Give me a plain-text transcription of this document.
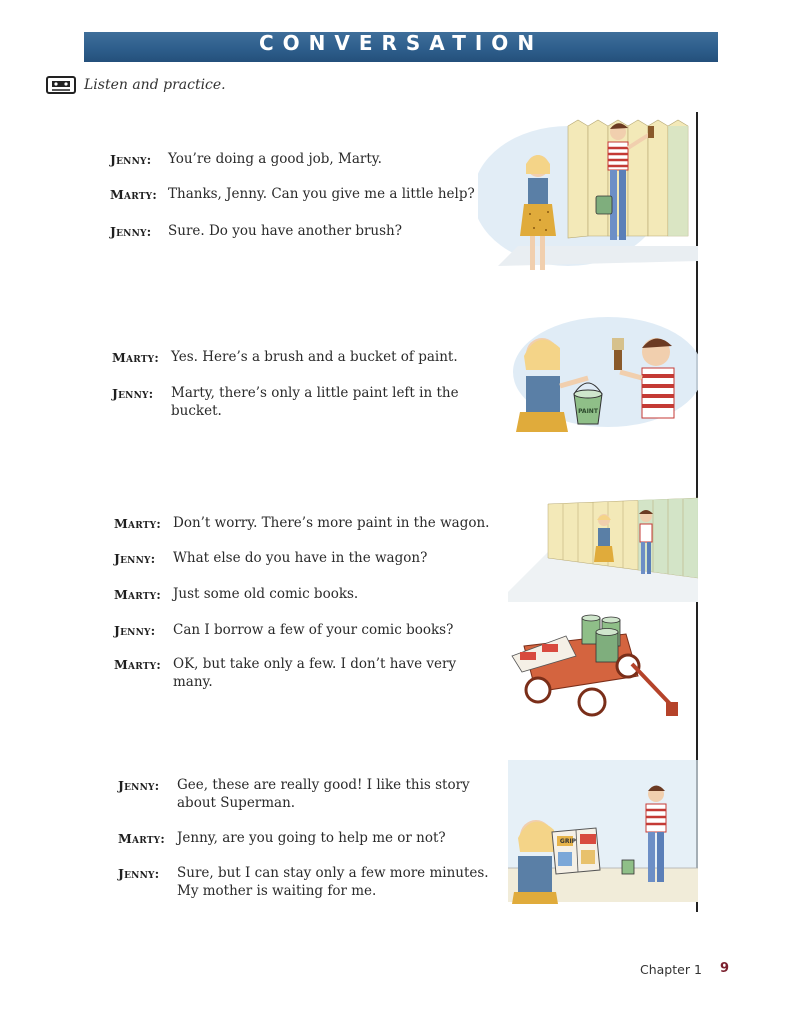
CONVERSATION
Listen and practice.
Jenny: You’re doing a good job, Marty.
Marty: Thanks, Jenny. Can you give me a little help?
Jenny: Sure. Do you have another brush?
Marty: Yes. Here’s a brush and a bucket of paint.
Jenny: Marty, there’s only a little paint left in the
bucket.
Marty: Don’t worry. There’s more paint in the wagon.
Jenny: What else do you have in the wagon?
Marty: Just some old comic books.
Jenny: Can I borrow a few of your comic books?
Marty: OK, but take only a few. I don’t have very
many.
Jenny: Gee, these are really good! I like this story
about Superman.
Marty: Jenny, are you going to help me or not?
Jenny: Sure, but I can stay only a few more minutes.
My mother is waiting for me.
PAINT
GRIP
Chapter 1 9
